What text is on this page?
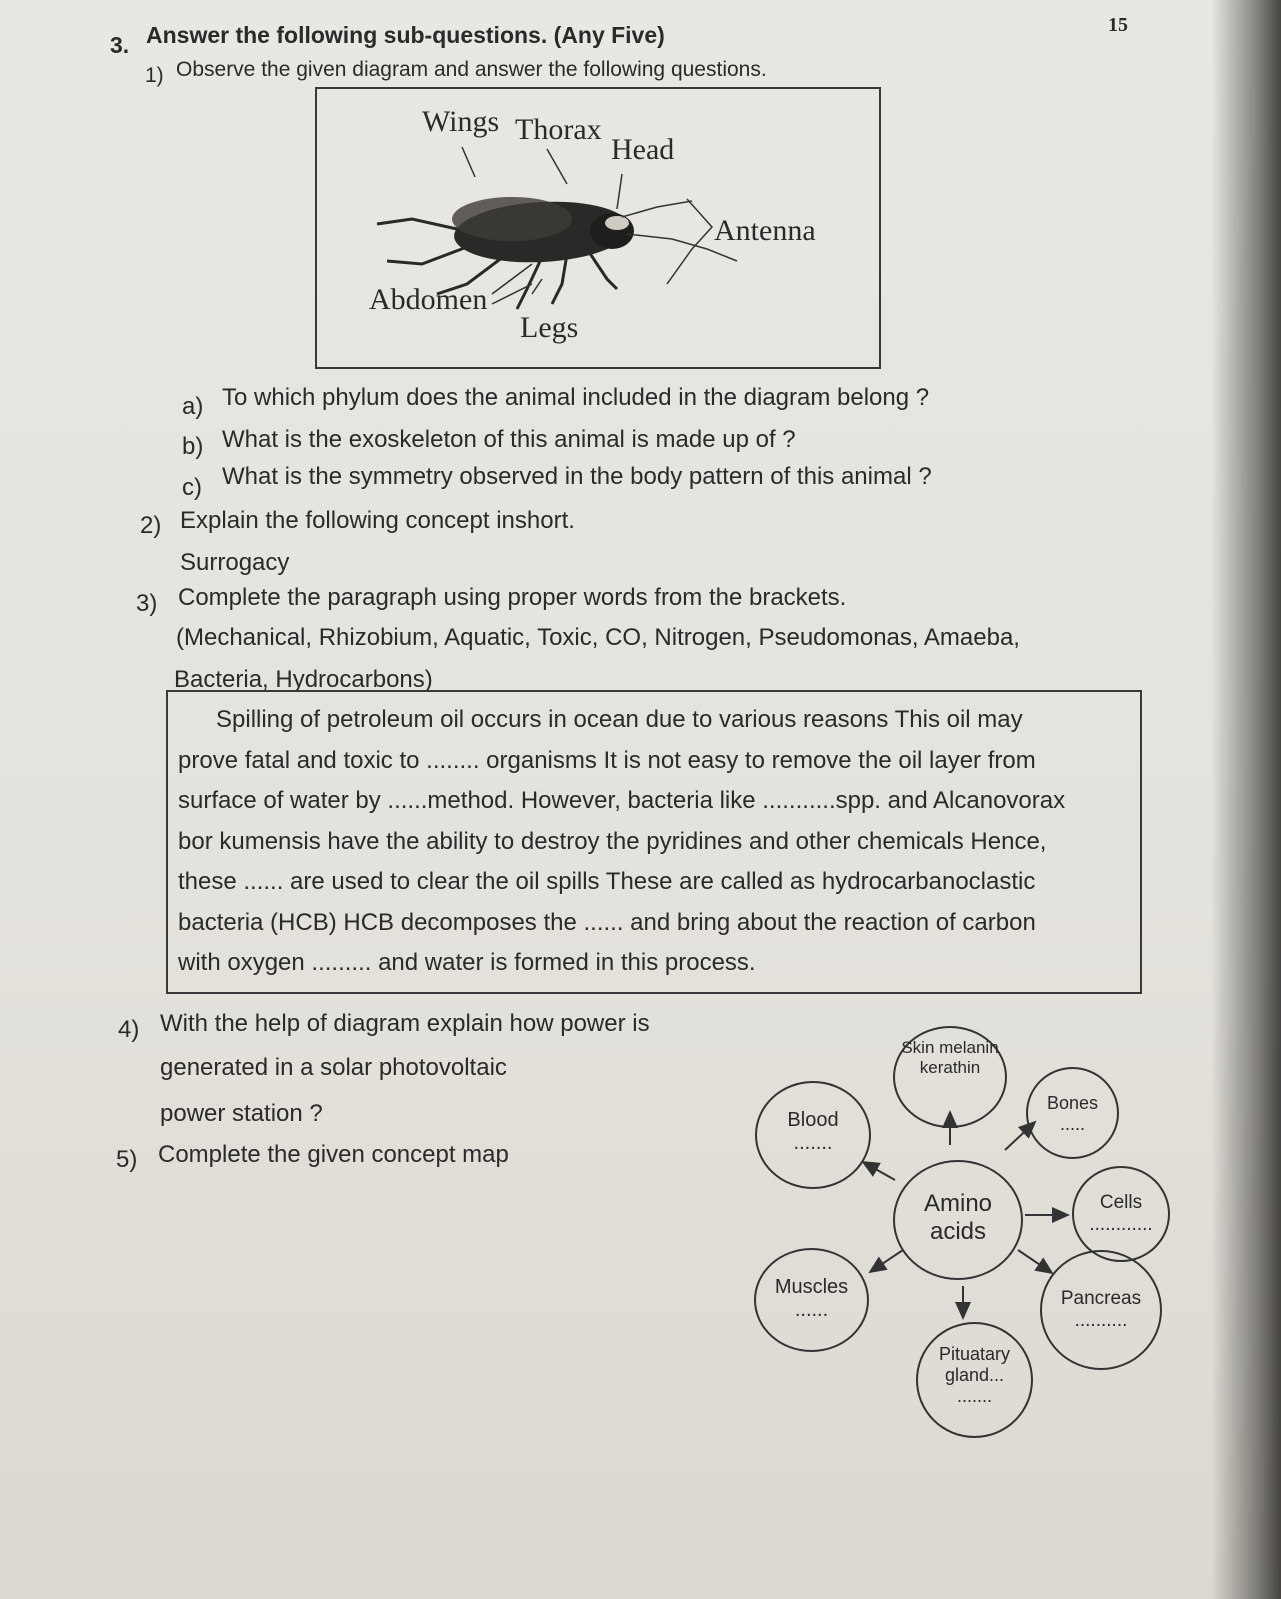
3. Answer the following sub-questions. (Any Five)	15
1) Observe the given diagram and answer the following questions.
Wings Thorax
Head
Antenna
Abdomen
Legs
a) To which phylum does the animal included in the diagram belong ?
b) What is the exoskeleton of this animal is made up of ?
c) What is the symmetry observed in the body pattern of this animal ?
2) Explain the following concept inshort.
Surrogacy
3) Complete the paragraph using proper words from the brackets.
(Mechanical, Rhizobium, Aquatic, Toxic, CO, Nitrogen, Pseudomonas, Amaeba,
Bacteria, Hydrocarbons)
Spilling of petroleum oil occurs in ocean due to various reasons This oil may
prove fatal and toxic to ........ organisms It is not easy to remove the oil layer from
surface of water by ......method. However, bacteria like ...........spp. and Alcanovorax
bor kumensis have the ability to destroy the pyridines and other chemicals Hence,
these ...... are used to clear the oil spills These are called as hydrocarbanoclastic
bacteria (HCB) HCB decomposes the ...... and bring about the reaction of carbon
with oxygen ......... and water is formed in this process.
4) With the help of diagram explain how power is
generated in a solar photovoltaic
power station ?
5) Complete the given concept map
Skin melanin
kerathin
Blood
.......
Bones
.....
Amino
acids
Cells
............
Muscles
......
Pancreas
..........
Pituatary
gland...
.......
